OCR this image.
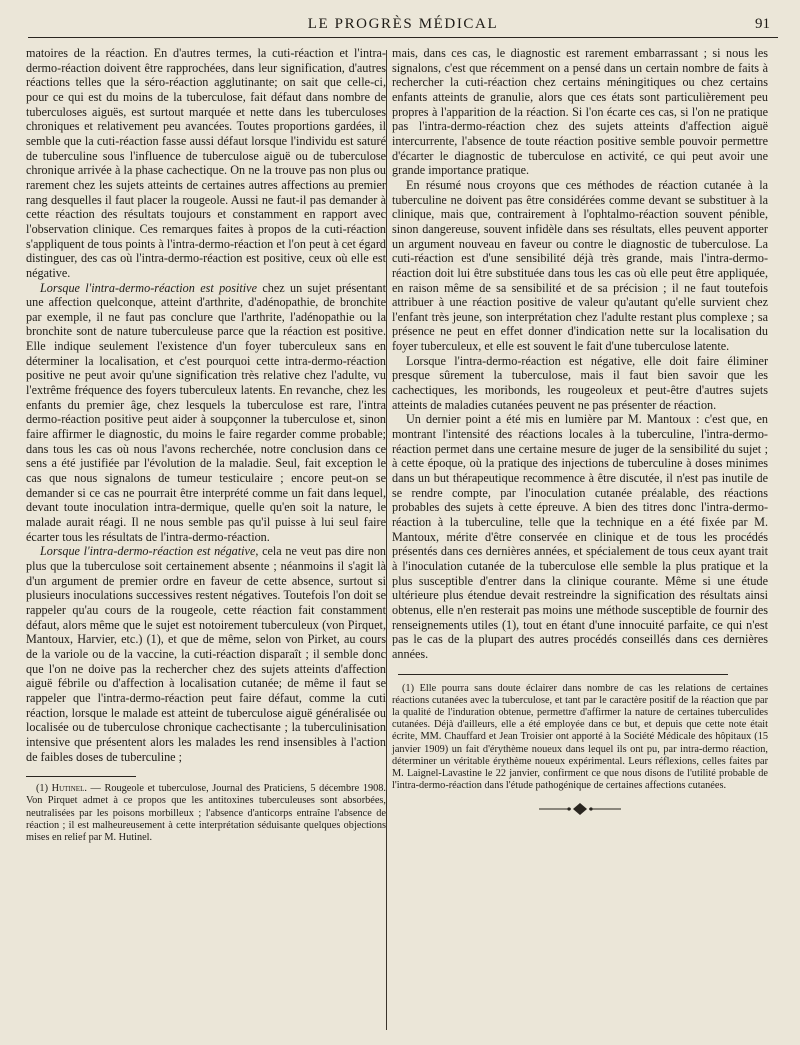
LE PROGRÈS MÉDICAL	91

matoires de la réaction. En d'autres termes, la cuti-réaction et l'intra-dermo-réaction doivent être rapprochées, dans leur signification, d'autres réactions telles que la séro-réaction agglutinante; on sait que celle-ci, pour ce qui est du moins de la tuberculose, fait défaut dans nombre de tuberculoses aiguës, est surtout marquée et nette dans les tuberculoses chroniques et relativement peu avancées. Toutes proportions gardées, il semble que la cuti-réaction fasse aussi défaut lorsque l'individu est saturé de tuberculine sous l'influence de tuberculose aiguë ou de tuberculose chronique arrivée à la phase cachectique. On ne la trouve pas non plus ou rarement chez les sujets atteints de certaines autres affections au premier rang desquelles il faut placer la rougeole. Aussi ne faut-il pas demander à cette réaction des résultats toujours et constamment en rapport avec l'observation clinique. Ces remarques faites à propos de la cuti-réaction s'appliquent de tous points à l'intra-dermo-réaction et l'on peut à cet égard distinguer, des cas où l'intra-dermo-réaction est positive, ceux où elle est négative.

Lorsque l'intra-dermo-réaction est positive chez un sujet présentant une affection quelconque, atteint d'arthrite, d'adénopathie, de bronchite par exemple, il ne faut pas conclure que l'arthrite, l'adénopathie ou la bronchite sont de nature tuberculeuse parce que la réaction est positive. Elle indique seulement l'existence d'un foyer tuberculeux sans en déterminer la localisation, et c'est pourquoi cette intra-dermo-réaction positive ne peut avoir qu'une signification très relative chez l'adulte, vu l'extrême fréquence des foyers tuberculeux latents. En revanche, chez les enfants du premier âge, chez lesquels la tuberculose est rare, l'intra dermo-réaction positive peut aider à soupçonner la tuberculose et, sinon faire affirmer le diagnostic, du moins le faire regarder comme probable; dans tous les cas où nous l'avons recherchée, notre conclusion dans ce sens a été justifiée par l'évolution de la maladie. Seul, fait exception le cas que nous signalons de tumeur testiculaire ; encore peut-on se demander si ce cas ne pourrait être interprété comme un fait dans lequel, devant toute inoculation intra-dermique, quelle qu'en soit la nature, le malade aurait réagi. Il ne nous semble pas qu'il puisse à lui seul faire écarter tous les résultats de l'intra-dermo-réaction.

Lorsque l'intra-dermo-réaction est négative, cela ne veut pas dire non plus que la tuberculose soit certainement absente ; néanmoins il s'agit là d'un argument de premier ordre en faveur de cette absence, surtout si plusieurs inoculations successives restent négatives. Toutefois l'on doit se rappeler qu'au cours de la rougeole, cette réaction fait constamment défaut, alors même que le sujet est notoirement tuberculeux (von Pirquet, Mantoux, Harvier, etc.) (1), et que de même, selon von Pirket, au cours de la variole ou de la vaccine, la cuti-réaction disparaît ; il semble donc que l'on ne doive pas la rechercher chez des sujets atteints d'affection aiguë fébrile ou d'affection à localisation cutanée; de même il faut se rappeler que l'intra-dermo-réaction peut faire défaut, comme la cuti réaction, lorsque le malade est atteint de tuberculose aiguë généralisée ou localisée ou de tuberculose chronique cachectisante ; la tuberculinisation intensive que présentent alors les malades les rend insensibles à l'action de faibles doses de tuberculine ;

(1) Hutinel. — Rougeole et tuberculose, Journal des Praticiens, 5 décembre 1908. Von Pirquet admet à ce propos que les antitoxines tuberculeuses sont absorbées, neutralisées par les poisons morbilleux ; l'absence d'anticorps entraîne l'absence de réaction ; il est malheureusement à cette interprétation séduisante quelques objections mises en relief par M. Hutinel.

mais, dans ces cas, le diagnostic est rarement embarrassant ; si nous les signalons, c'est que récemment on a pensé dans un certain nombre de faits à rechercher la cuti-réaction chez certains méningitiques ou chez certains enfants atteints de granulie, alors que ces états sont particulièrement peu propres à l'apparition de la réaction. Si l'on écarte ces cas, si l'on ne pratique pas l'intra-dermo-réaction chez des sujets atteints d'affection aiguë intercurrente, l'absence de toute réaction positive semble pouvoir permettre d'écarter le diagnostic de tuberculose en activité, ce qui peut avoir une grande importance pratique.

En résumé nous croyons que ces méthodes de réaction cutanée à la tuberculine ne doivent pas être considérées comme devant se substituer à la clinique, mais que, contrairement à l'ophtalmo-réaction souvent pénible, sinon dangereuse, souvent infidèle dans ses résultats, elles peuvent apporter un argument nouveau en faveur ou contre le diagnostic de tuberculose. La cuti-réaction est d'une sensibilité déjà très grande, mais l'intra-dermo-réaction doit lui être substituée dans tous les cas où elle peut être appliquée, en raison même de sa sensibilité et de sa précision ; il ne faut toutefois attribuer à une réaction positive de valeur qu'autant qu'elle survient chez l'enfant très jeune, son interprétation chez l'adulte restant plus complexe ; sa présence ne peut en effet donner d'indication nette sur la localisation du foyer tuberculeux, et elle est souvent le fait d'une tuberculose latente.

Lorsque l'intra-dermo-réaction est négative, elle doit faire éliminer presque sûrement la tuberculose, mais il faut bien savoir que les cachectiques, les moribonds, les rougeoleux et peut-être d'autres sujets atteints de maladies cutanées peuvent ne pas présenter de réaction.

Un dernier point a été mis en lumière par M. Mantoux : c'est que, en montrant l'intensité des réactions locales à la tuberculine, l'intra-dermo-réaction permet dans une certaine mesure de juger de la sensibilité du sujet ; à cette époque, où la pratique des injections de tuberculine à doses minimes dans un but thérapeutique recommence à être discutée, il n'est pas inutile de se rendre compte, par l'inoculation cutanée préalable, des réactions probables des sujets à cette épreuve. A bien des titres donc l'intra-dermo-réaction à la tuberculine, telle que la technique en a été fixée par M. Mantoux, mérite d'être conservée en clinique et de tous les procédés présentés dans ces dernières années, et spécialement de tous ceux ayant trait à l'inoculation cutanée de la tuberculose elle semble la plus pratique et la plus susceptible d'entrer dans la clinique courante. Même si une étude ultérieure plus étendue devait restreindre la signification des résultats ainsi obtenus, elle n'en resterait pas moins une méthode susceptible de fournir des renseignements utiles (1), tout en étant d'une innocuité parfaite, ce qui n'est pas le cas de la plupart des autres procédés conseillés dans ces dernières années.

(1) Elle pourra sans doute éclairer dans nombre de cas les relations de certaines réactions cutanées avec la tuberculose, et tant par le caractère positif de la réaction que par la qualité de l'induration obtenue, permettre d'affirmer la nature de certaines tuberculides cutanées. Déjà d'ailleurs, elle a été employée dans ce but, et depuis que cette note était écrite, MM. Chauffard et Jean Troisier ont apporté à la Société Médicale des hôpitaux (15 janvier 1909) un fait d'érythème noueux dans lequel ils ont pu, par intra-dermo réaction, déterminer un véritable érythème noueux expérimental. Leurs réflexions, celles faites par M. Laignel-Lavastine le 22 janvier, confirment ce que nous disons de l'utilité probable de l'intra-dermo-réaction dans l'étude pathogénique de certaines affections cutanées.
